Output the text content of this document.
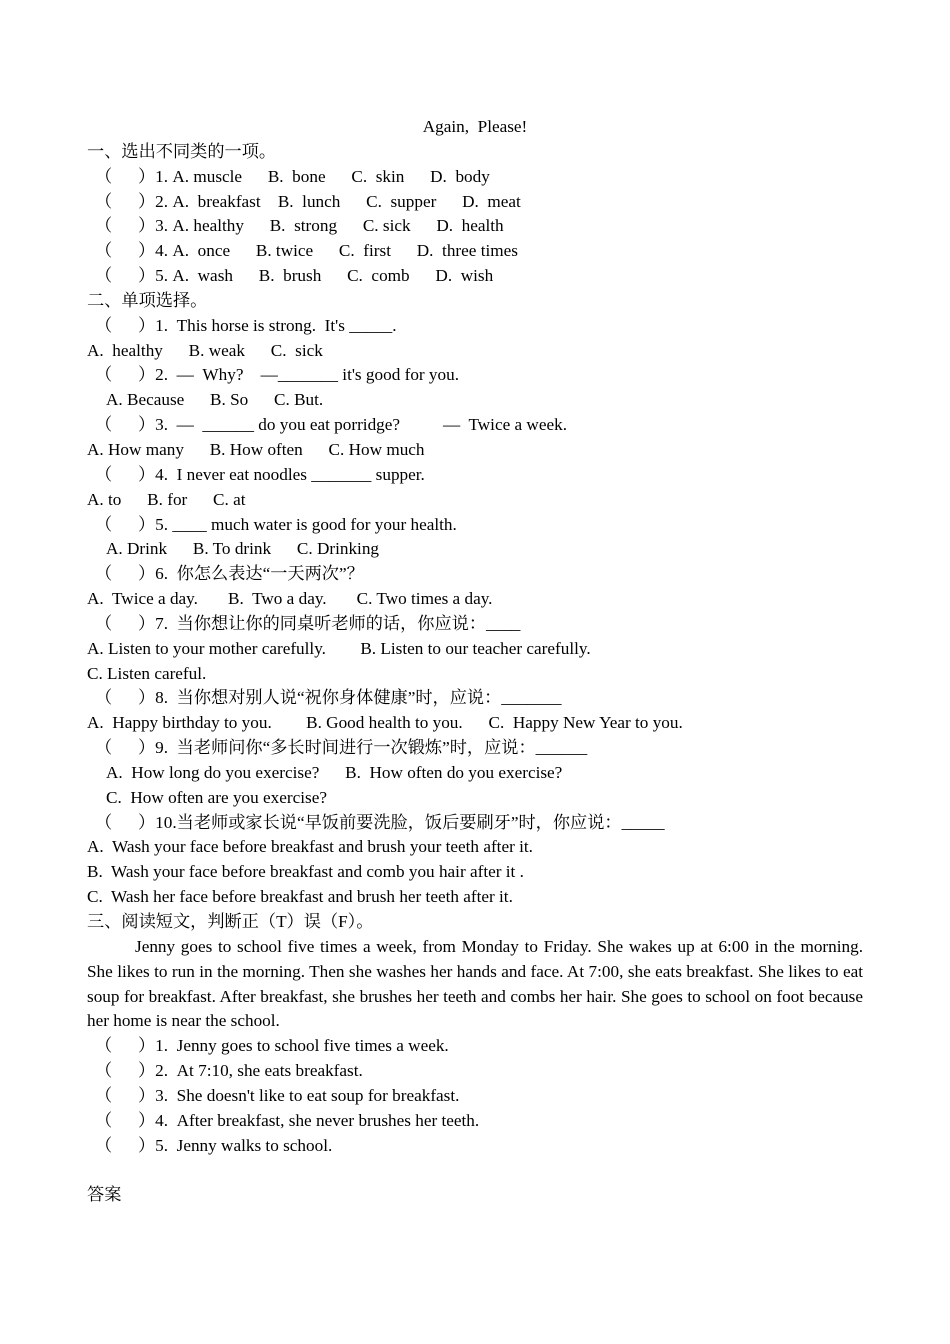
Again,  Please!
一、选出不同类的一项。
（      ）1. A. muscle      B.  bone      C.  skin      D.  body
（      ）2. A.  breakfast    B.  lunch      C.  supper      D.  meat
（      ）3. A. healthy      B.  strong      C. sick      D.  health
（      ）4. A.  once      B. twice      C.  first      D.  three times
（      ）5. A.  wash      B.  brush      C.  comb      D.  wish
二、单项选择。
（      ）1.  This horse is strong.  It's _____.
A.  healthy      B. weak      C.  sick
（      ）2.  —  Why?    —_______ it's good for you.
A. Because      B. So      C. But.
（      ）3.  —  ______ do you eat porridge?          —  Twice a week.
A. How many      B. How often      C. How much
（      ）4.  I never eat noodles _______ supper.
A. to      B. for      C. at
（      ）5. ____ much water is good for your health.
A. Drink      B. To drink      C. Drinking
（      ）6.  你怎么表达“一天两次”？
A.  Twice a day.       B.  Two a day.       C. Two times a day.
（      ）7.  当你想让你的同桌听老师的话，你应说：____
A. Listen to your mother carefully.        B. Listen to our teacher carefully.
C. Listen careful.
（      ）8.  当你想对别人说“祝你身体健康”时，应说：_______
A.  Happy birthday to you.        B. Good health to you.      C.  Happy New Year to you.
（      ）9.  当老师问你“多长时间进行一次锻炼”时，应说：______
A.  How long do you exercise?      B.  How often do you exercise?
C.  How often are you exercise?
（      ）10.当老师或家长说“早饭前要洗脸，饭后要刷牙”时，你应说：_____
A.  Wash your face before breakfast and brush your teeth after it.
B.  Wash your face before breakfast and comb you hair after it .
C.  Wash her face before breakfast and brush her teeth after it.
三、阅读短文，判断正（T）误（F）。

Jenny goes to school five times a week, from Monday to Friday. She wakes up at 6:00 in the morning. She likes to run in the morning. Then she washes her hands and face. At 7:00, she eats breakfast. She likes to eat soup for breakfast. After breakfast, she brushes her teeth and combs her hair. She goes to school on foot because her home is near the school.

（      ）1.  Jenny goes to school five times a week.
（      ）2.  At 7:10, she eats breakfast.
（      ）3.  She doesn't like to eat soup for breakfast.
（      ）4.  After breakfast, she never brushes her teeth.
（      ）5.  Jenny walks to school.
答案
